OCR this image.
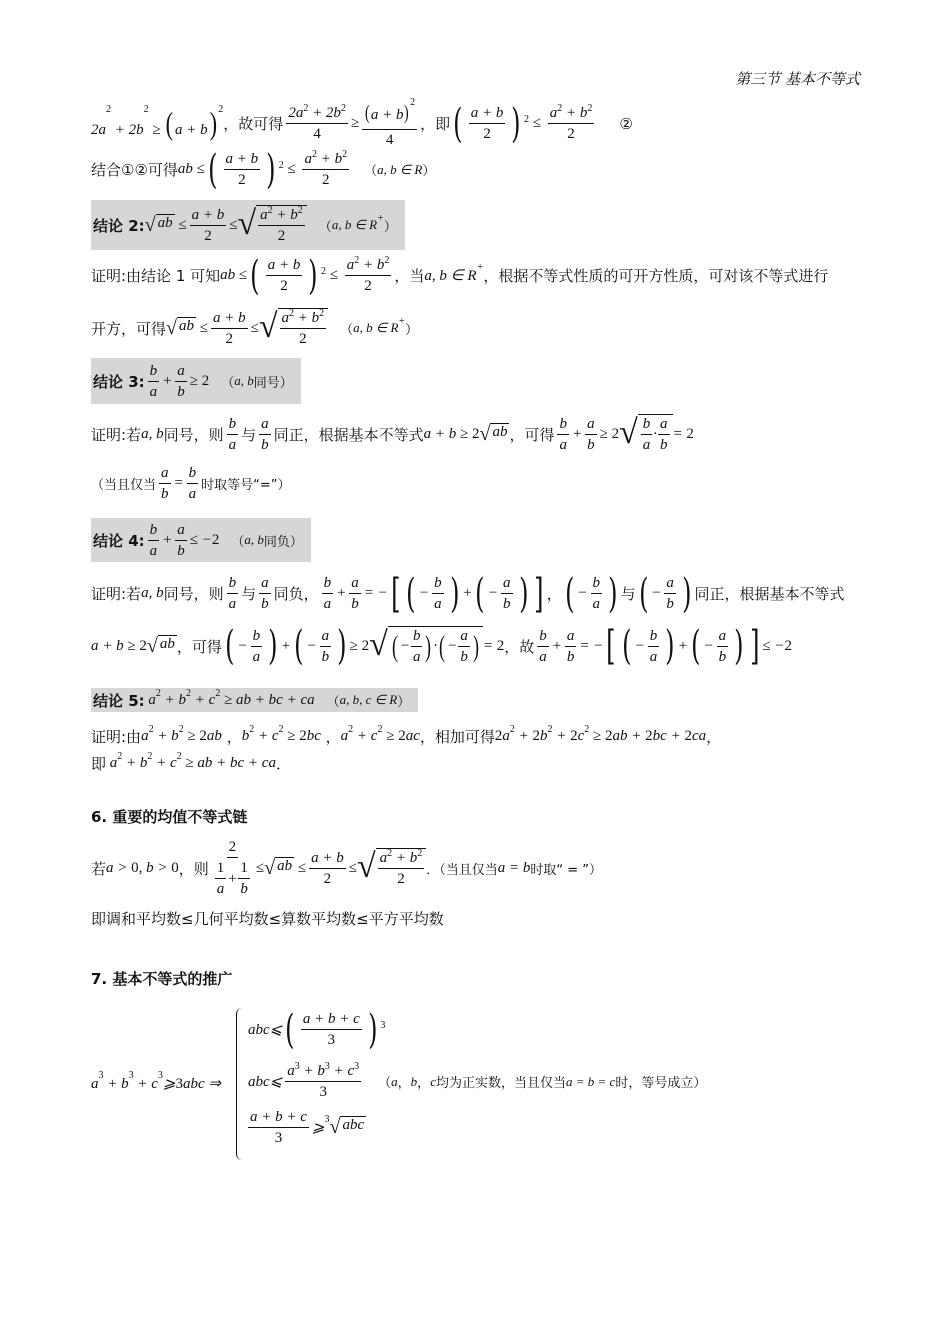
第三节 基本不等式
$2a^2 + 2b^2$ ≥ ( a + b) $^2$
，故可得 $\frac{2a^2 + 2b^2}{4} \ge \frac{(a + b)^2}{4}$ ，即 ( $\frac{a + b}{2}$ ) $^2 \le \frac{a^2 + b^2}{2}$ ②
结合①②可得 ab ≤ ( $\frac{a + b}{2}$ ) $^2 \le \frac{a^2 + b^2}{2}$ （ a, b ∈ R ）
结论 2: √ ab ≤ $\frac{a + b}{2}$ ≤ √ $\frac{a^2 + b^2}{2}$ （ a, b ∈ R+
）
证明:由结论 1 可知 ab ≤ ( $\frac{a + b}{2}$ ) $^2 \le \frac{a^2 + b^2}{2}$ ，当 a, b ∈ R+ ，根据不等式性质的可开方性质，可对该不等式进行
开方，可得 √ ab ≤ $\frac{a + b}{2}$ ≤ √ $\frac{a^2 + b^2}{2}$ （ a, b ∈ R+
）
结论 3: $\frac{b}{a} + \frac{a}{b} \ge 2$ （ a, b 同号）
证明:若 a, b 同号，则 $\frac{b}{a}$ 与 $\frac{a}{b}$ 同正，根据基本不等式 a + b ≥ 2 √ ab ，可得 $\frac{b}{a} + \frac{a}{b} \ge 2$ √ $\frac{b}{a} \cdot \frac{a}{b} = 2$
（当且仅当 $\frac{a}{b} = \frac{b}{a}$ 时取等号“=”）
结论 4: $\frac{b}{a} + \frac{a}{b} \le -2$ （ a, b 同负）
证明:若 a, b 同号，则 $\frac{b}{a}$ 与 $\frac{a}{b}$ 同负， $\frac{b}{a} + \frac{a}{b}$ = − [ ( − $\frac{b}{a}$ ) + ( − $\frac{a}{b}$ ) ] ， ( − $\frac{b}{a}$ ) 与 ( − $\frac{a}{b}$ ) 同正，根据基本不等式
a + b ≥ 2 √ ab ，可得 ( − $\frac{b}{a}$ ) + ( − $\frac{a}{b}$ ) ≥ 2 √ ( − $\frac{b}{a}$ ) · ( − $\frac{a}{b}$ ) = 2 ，故 $\frac{b}{a} + \frac{a}{b}$ = − [ ( − $\frac{b}{a}$ ) + ( − $\frac{a}{b}$ ) ] ≤ −2
结论 5: $a^2 + b^2 + c^2$ ≥ ab + bc + ca （ a, b, c ∈ R ）
证明:由 $a^2 + b^2 \ge 2ab$ ， $b^2 + c^2 \ge 2bc$ ， $a^2 + c^2 \ge 2ac$ ，相加可得 $2a^2 + 2b^2 + 2c^2 \ge 2ab + 2bc + 2ca$ ，
即 $a^2 + b^2 + c^2$ ≥ ab + bc + ca ．
6. 重要的均值不等式链
若 a > 0, b > 0 ，则 $\frac{2}{\frac{1}{a} + \frac{1}{b}}$ ≤ √ ab ≤ $\frac{a + b}{2}$ ≤ √ $\frac{a^2 + b^2}{2}$ ．（当且仅当 a = b 时取“ = ”）
即调和平均数≤几何平均数≤算数平均数≤平方平均数
7. 基本不等式的推广
$a^3 + b^3$ + $c^3⩾3abc$ ⇒
abc⩽ ( $\frac{a + b + c}{3}$ ) $^3$
abc⩽ $\frac{a^3 + b^3 + c^3}{3}$ （ a ， b ， c 均为正实数，当且仅当 a = b = c 时，等号成立）
$\frac{a + b + c}{3}$ ⩾$^3$ √ abc
